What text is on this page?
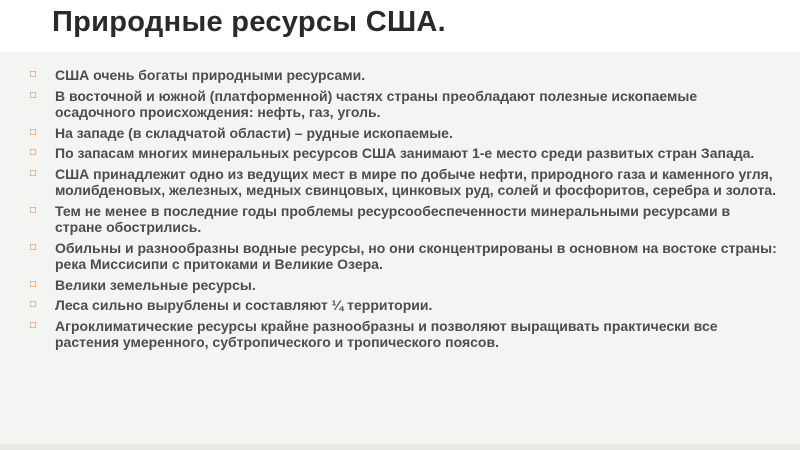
Природные ресурсы США.
□	США очень богаты природными ресурсами.
□	В восточной и южной (платформенной) частях страны преобладают полезные ископаемые осадочного происхождения: нефть, газ, уголь.
□	На западе (в складчатой области) – рудные ископаемые.
□	По запасам многих минеральных ресурсов США занимают 1-е место среди развитых стран Запада.
□	США принадлежит одно из ведущих мест в мире по добыче нефти, природного газа и каменного угля, молибденовых, железных, медных свинцовых, цинковых руд, солей и фосфоритов, серебра и золота.
□	Тем не менее в последние годы проблемы ресурсообеспеченности минеральными ресурсами в стране обострились.
□	Обильны и разнообразны водные ресурсы, но они сконцентрированы в основном на востоке страны: река Миссисипи с притоками и Великие Озера.
□	Велики земельные ресурсы.
□	Леса сильно вырублены и составляют ¼ территории.
□	Агроклиматические ресурсы крайне разнообразны и позволяют выращивать практически все растения умеренного, субтропического и тропического поясов.
